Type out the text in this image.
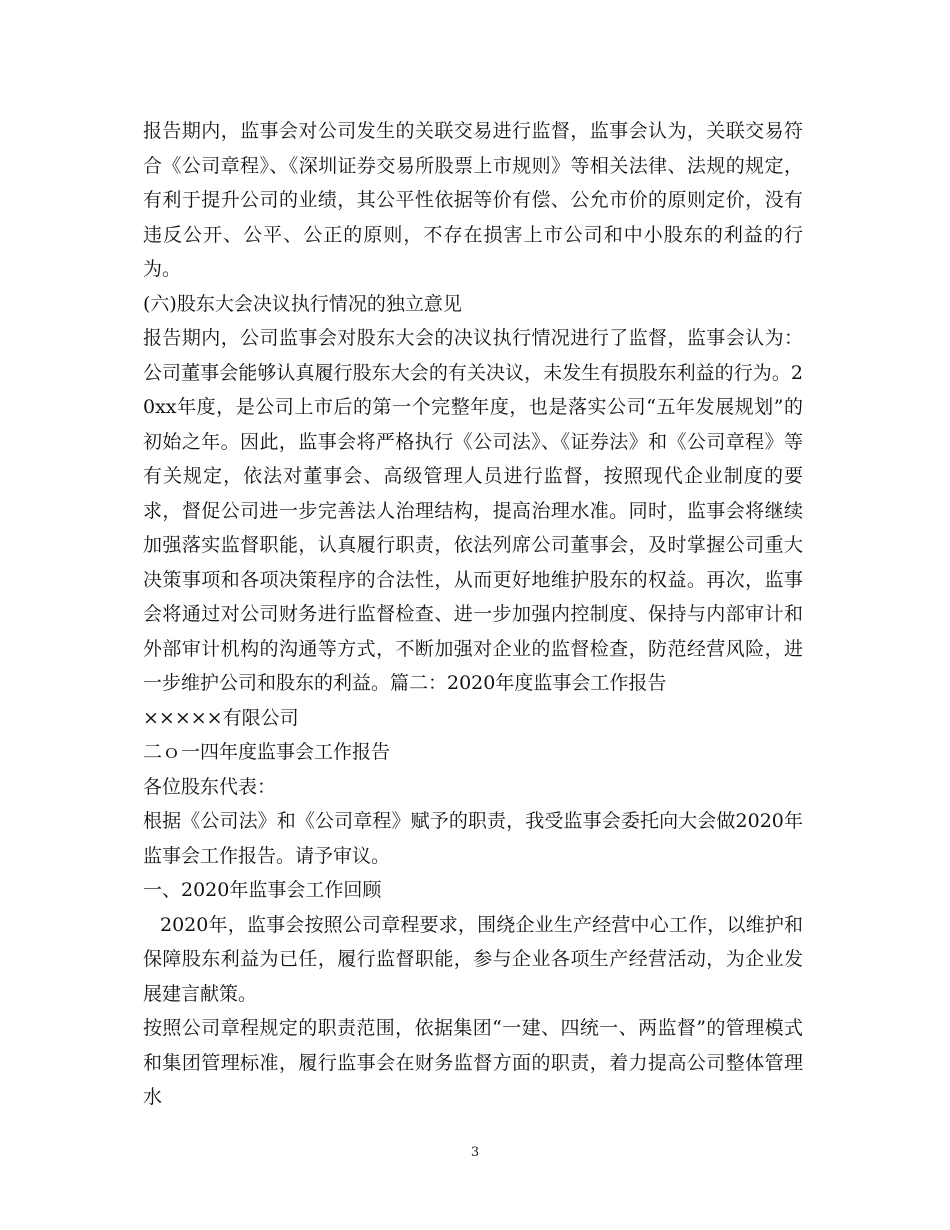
报告期内，监事会对公司发生的关联交易进行监督，监事会认为，关联交易符合《公司章程》、《深圳证券交易所股票上市规则》等相关法律、法规的规定，有利于提升公司的业绩，其公平性依据等价有偿、公允市价的原则定价，没有违反公开、公平、公正的原则，不存在损害上市公司和中小股东的利益的行为。

(六)股东大会决议执行情况的独立意见

报告期内，公司监事会对股东大会的决议执行情况进行了监督，监事会认为：公司董事会能够认真履行股东大会的有关决议，未发生有损股东利益的行为。20xx年度，是公司上市后的第一个完整年度，也是落实公司“五年发展规划”的初始之年。因此，监事会将严格执行《公司法》、《证券法》和《公司章程》等有关规定，依法对董事会、高级管理人员进行监督，按照现代企业制度的要求，督促公司进一步完善法人治理结构，提高治理水准。同时，监事会将继续加强落实监督职能，认真履行职责，依法列席公司董事会，及时掌握公司重大决策事项和各项决策程序的合法性，从而更好地维护股东的权益。再次，监事会将通过对公司财务进行监督检查、进一步加强内控制度、保持与内部审计和外部审计机构的沟通等方式，不断加强对企业的监督检查，防范经营风险，进一步维护公司和股东的利益。篇二：2020年度监事会工作报告

×××××有限公司

二ｏ一四年度监事会工作报告

各位股东代表：

根据《公司法》和《公司章程》赋予的职责，我受监事会委托向大会做2020年监事会工作报告。请予审议。

一、2020年监事会工作回顾

2020年，监事会按照公司章程要求，围绕企业生产经营中心工作，以维护和保障股东利益为已任，履行监督职能，参与企业各项生产经营活动，为企业发展建言献策。

按照公司章程规定的职责范围，依据集团“一建、四统一、两监督”的管理模式和集团管理标准，履行监事会在财务监督方面的职责，着力提高公司整体管理水

3
